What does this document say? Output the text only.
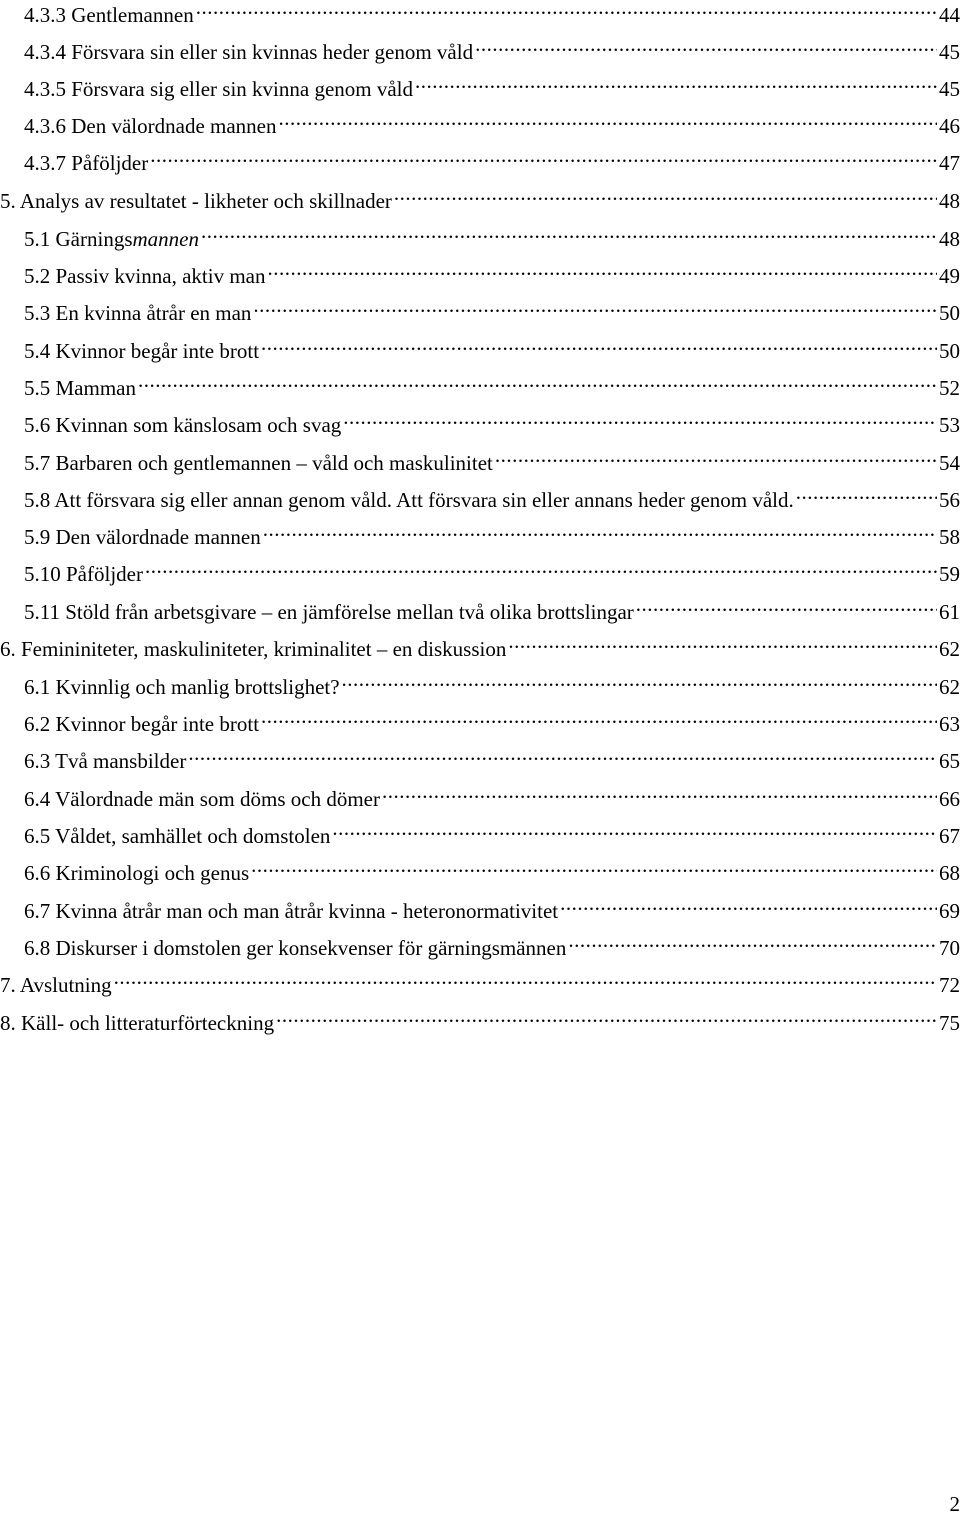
4.3.3 Gentlemannen .....	44
4.3.4 Försvara sin eller sin kvinnas heder genom våld .....	45
4.3.5 Försvara sig eller sin kvinna genom våld .....	45
4.3.6 Den välordnade mannen .....	46
4.3.7 Påföljder .....	47
5. Analys av resultatet - likheter och skillnader .....	48
5.1 Gärningsmannen .....	48
5.2 Passiv kvinna, aktiv man .....	49
5.3 En kvinna åtrår en man .....	50
5.4 Kvinnor begår inte brott .....	50
5.5 Mamman .....	52
5.6 Kvinnan som känslosam och svag .....	53
5.7 Barbaren och gentlemannen – våld och maskulinitet .....	54
5.8 Att försvara sig eller annan genom våld. Att försvara sin eller annans heder genom våld. .....	56
5.9 Den välordnade mannen .....	58
5.10 Påföljder .....	59
5.11 Stöld från arbetsgivare – en jämförelse mellan två olika brottslingar .....	61
6. Femininiteter, maskuliniteter, kriminalitet – en diskussion .....	62
6.1 Kvinnlig och manlig brottslighet? .....	62
6.2 Kvinnor begår inte brott .....	63
6.3 Två mansbilder .....	65
6.4 Välordnade män som döms och dömer .....	66
6.5 Våldet, samhället och domstolen .....	67
6.6 Kriminologi och genus .....	68
6.7 Kvinna åtrår man och man åtrår kvinna - heteronormativitet .....	69
6.8 Diskurser i domstolen ger konsekvenser för gärningsmännen .....	70
7. Avslutning .....	72
8. Käll- och litteraturförteckning .....	75
2
